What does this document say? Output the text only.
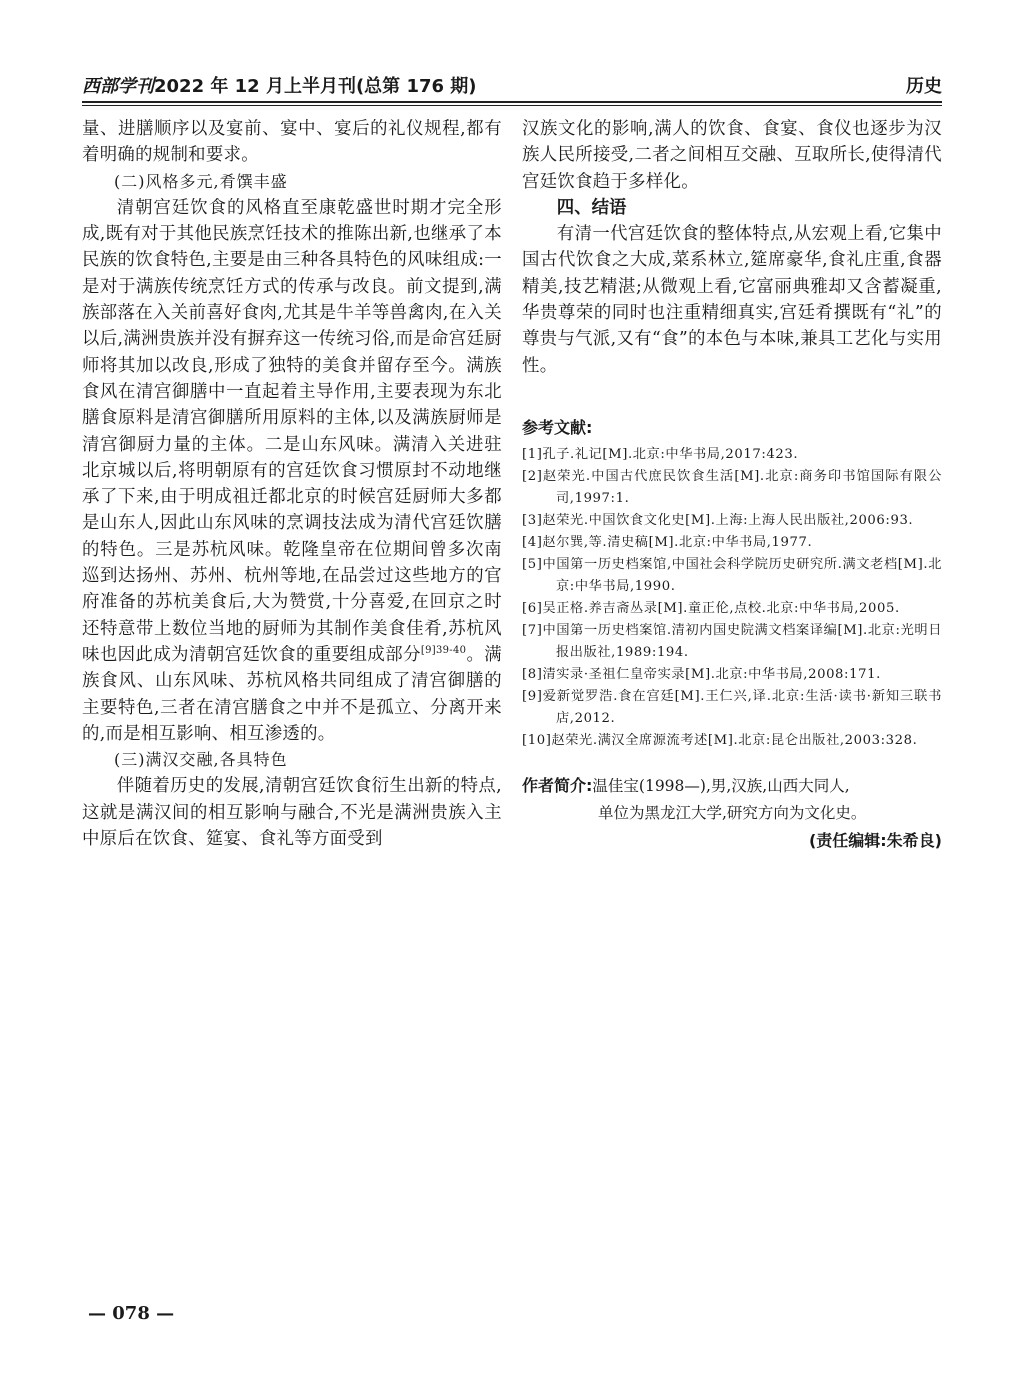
西部学刊2022 年 12 月上半月刊(总第 176 期)	历史

量、进膳顺序以及宴前、宴中、宴后的礼仪规程,都有着明确的规制和要求。

(二)风格多元,肴馔丰盛

清朝宫廷饮食的风格直至康乾盛世时期才完全形成,既有对于其他民族烹饪技术的推陈出新,也继承了本民族的饮食特色,主要是由三种各具特色的风味组成:一是对于满族传统烹饪方式的传承与改良。前文提到,满族部落在入关前喜好食肉,尤其是牛羊等兽禽肉,在入关以后,满洲贵族并没有摒弃这一传统习俗,而是命宫廷厨师将其加以改良,形成了独特的美食并留存至今。满族食风在清宫御膳中一直起着主导作用,主要表现为东北膳食原料是清宫御膳所用原料的主体,以及满族厨师是清宫御厨力量的主体。二是山东风味。满清入关进驻北京城以后,将明朝原有的宫廷饮食习惯原封不动地继承了下来,由于明成祖迁都北京的时候宫廷厨师大多都是山东人,因此山东风味的烹调技法成为清代宫廷饮膳的特色。三是苏杭风味。乾隆皇帝在位期间曾多次南巡到达扬州、苏州、杭州等地,在品尝过这些地方的官府准备的苏杭美食后,大为赞赏,十分喜爱,在回京之时还特意带上数位当地的厨师为其制作美食佳肴,苏杭风味也因此成为清朝宫廷饮食的重要组成部分$^{[9]39-40}$。满族食风、山东风味、苏杭风格共同组成了清宫御膳的主要特色,三者在清宫膳食之中并不是孤立、分离开来的,而是相互影响、相互渗透的。

(三)满汉交融,各具特色

伴随着历史的发展,清朝宫廷饮食衍生出新的特点,这就是满汉间的相互影响与融合,不光是满洲贵族入主中原后在饮食、筵宴、食礼等方面受到

汉族文化的影响,满人的饮食、食宴、食仪也逐步为汉族人民所接受,二者之间相互交融、互取所长,使得清代宫廷饮食趋于多样化。

四、结语

有清一代宫廷饮食的整体特点,从宏观上看,它集中国古代饮食之大成,菜系林立,筵席豪华,食礼庄重,食器精美,技艺精湛;从微观上看,它富丽典雅却又含蓄凝重,华贵尊荣的同时也注重精细真实,宫廷肴撰既有“礼”的尊贵与气派,又有“食”的本色与本味,兼具工艺化与实用性。

参考文献:

[1]孔子.礼记[M].北京:中华书局,2017:423.

[2]赵荣光.中国古代庶民饮食生活[M].北京:商务印书馆国际有限公司,1997:1.

[3]赵荣光.中国饮食文化史[M].上海:上海人民出版社,2006:93.

[4]赵尔巽,等.清史稿[M].北京:中华书局,1977.

[5]中国第一历史档案馆,中国社会科学院历史研究所.满文老档[M].北京:中华书局,1990.

[6]吴正格.养吉斋丛录[M].童正伦,点校.北京:中华书局,2005.

[7]中国第一历史档案馆.清初内国史院满文档案译编[M].北京:光明日报出版社,1989:194.

[8]清实录·圣祖仁皇帝实录[M].北京:中华书局,2008:171.

[9]爱新觉罗浩.食在宫廷[M].王仁兴,译.北京:生活·读书·新知三联书店,2012.

[10]赵荣光.满汉全席源流考述[M].北京:昆仑出版社,2003:328.

作者简介:温佳宝(1998—),男,汉族,山西大同人,
单位为黑龙江大学,研究方向为文化史。
(责任编辑:朱希良)
— 078 —
